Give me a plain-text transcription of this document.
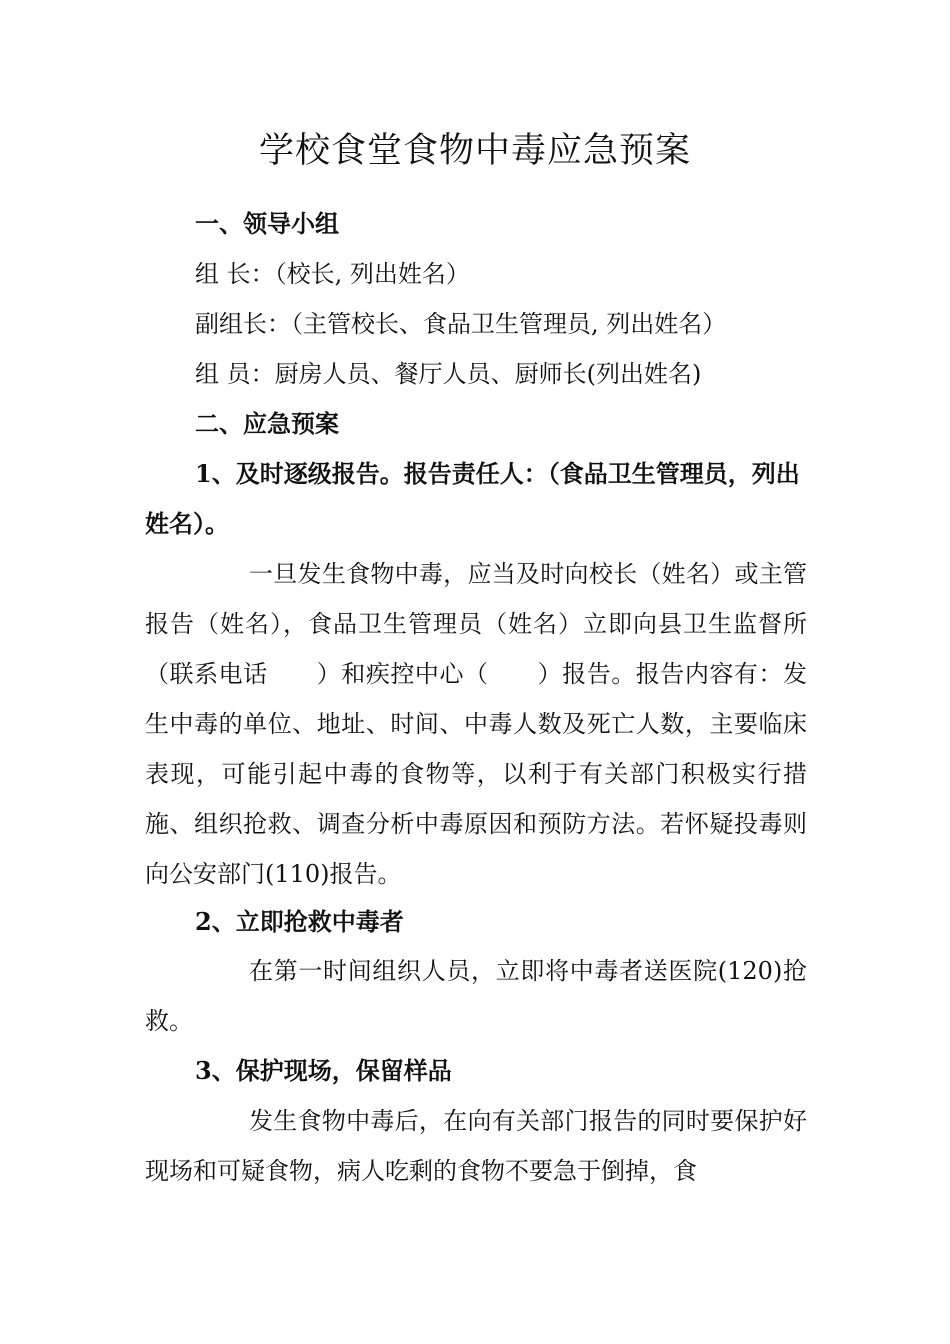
学校食堂食物中毒应急预案

一、领导小组

组 长：（校长, 列出姓名）

副组长：（主管校长、食品卫生管理员, 列出姓名）

组 员：厨房人员、餐厅人员、厨师长(列出姓名)

二、应急预案

1、及时逐级报告。报告责任人：（食品卫生管理员，列出姓名）。

一旦发生食物中毒，应当及时向校长（姓名）或主管报告（姓名），食品卫生管理员（姓名）立即向县卫生监督所（联系电话　　）和疾控中心（　　）报告。报告内容有：发生中毒的单位、地址、时间、中毒人数及死亡人数，主要临床表现，可能引起中毒的食物等，以利于有关部门积极实行措施、组织抢救、调查分析中毒原因和预防方法。若怀疑投毒则向公安部门(110)报告。

2、立即抢救中毒者

在第一时间组织人员，立即将中毒者送医院(120)抢救。

3、保护现场，保留样品

发生食物中毒后，在向有关部门报告的同时要保护好现场和可疑食物，病人吃剩的食物不要急于倒掉，食
